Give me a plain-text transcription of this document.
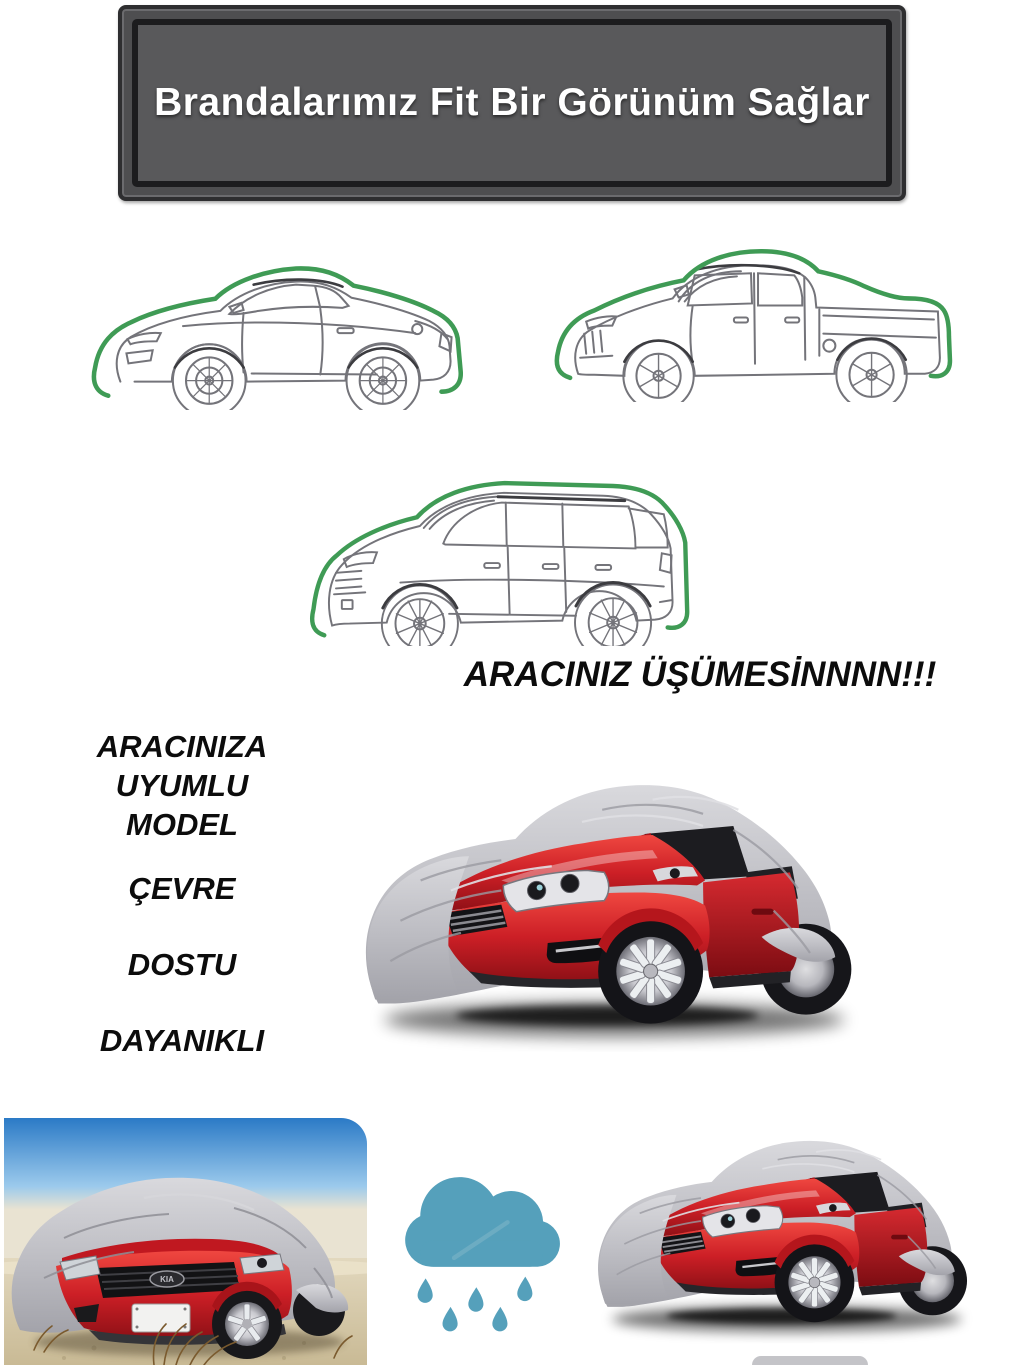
Brandalarımız Fit Bir Görünüm Sağlar
ARACINIZ ÜŞÜMESİNNNN!!!
ARACINIZA
UYUMLU
MODEL
ÇEVRE
DOSTU
DAYANIKLI
KIA
